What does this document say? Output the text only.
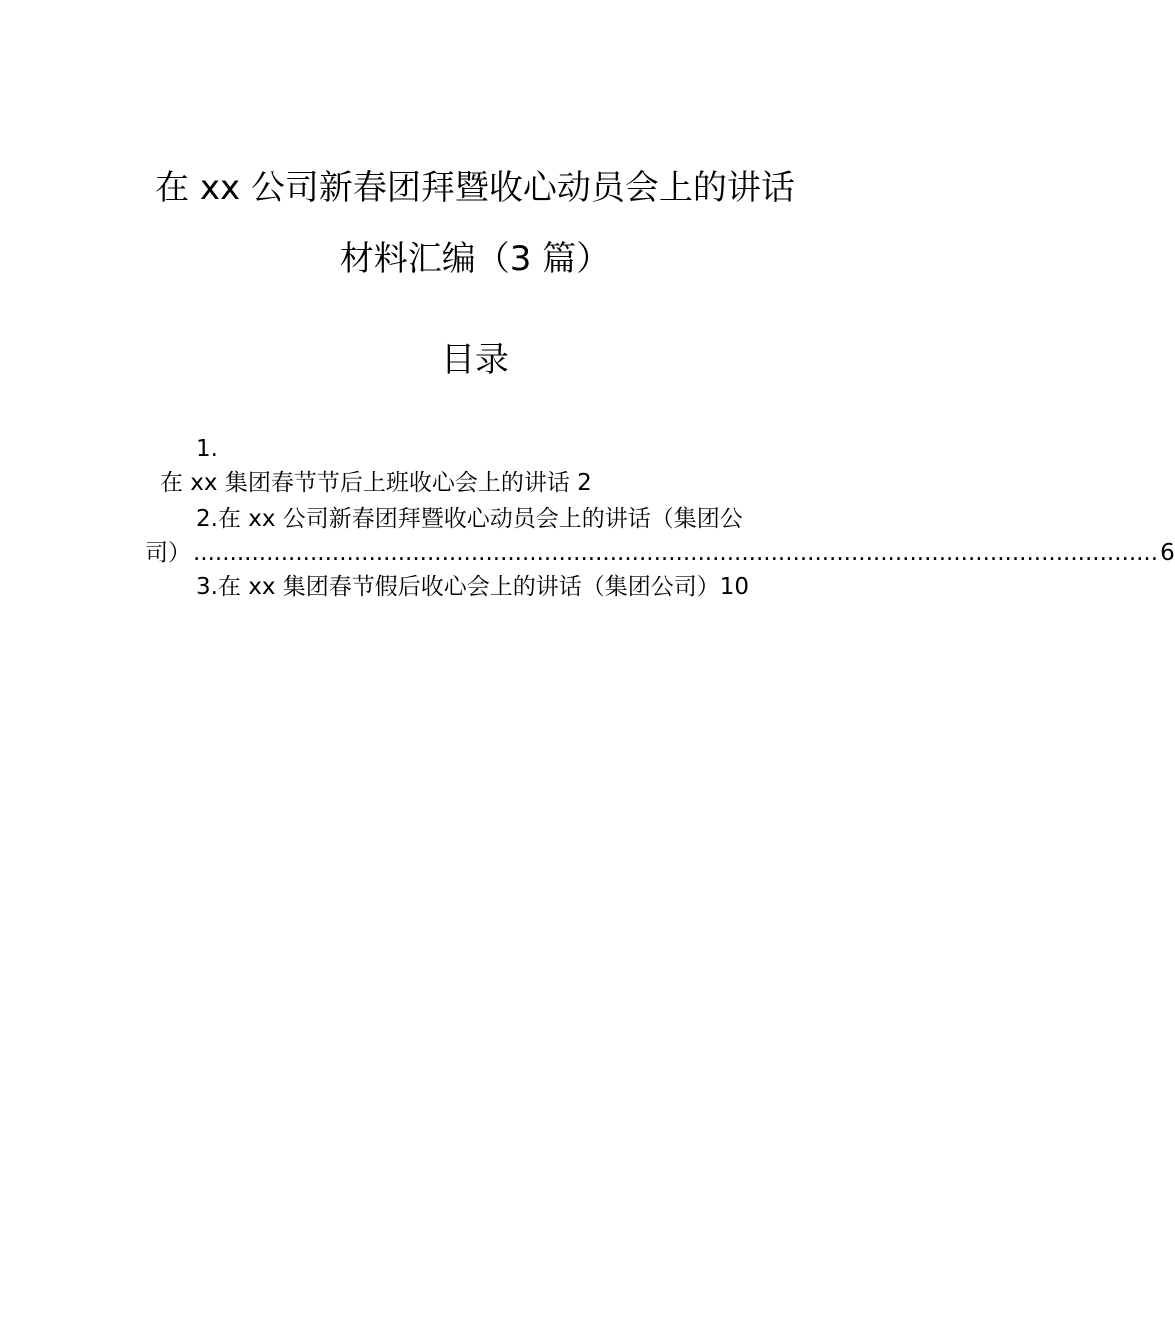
在 xx 公司新春团拜暨收心动员会上的讲话
材料汇编（3 篇）
目录
1.
在 xx 集团春节节后上班收心会上的讲话 2
2.在 xx 公司新春团拜暨收心动员会上的讲话（集团公
司） .................................................................................................................................... 6
3.在 xx 集团春节假后收心会上的讲话（集团公司）10
